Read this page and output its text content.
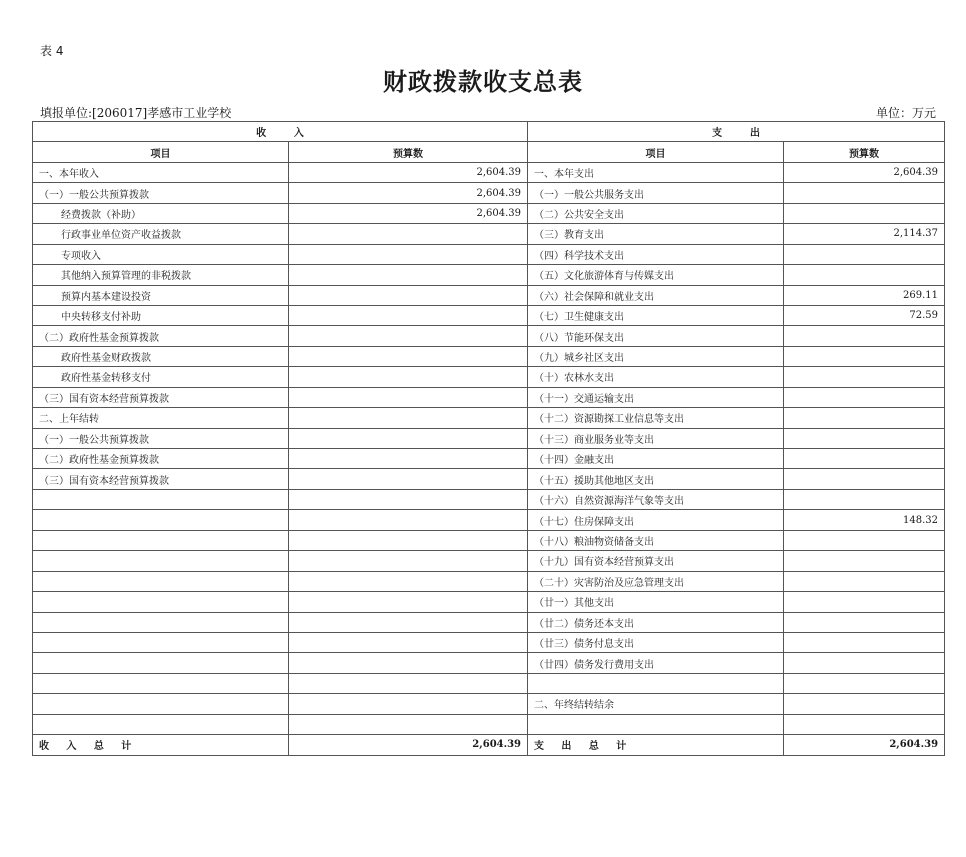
表 4
财政拨款收支总表
填报单位:[206017]孝感市工业学校	单位：万元
收        入		支        出	
项目	预算数	项目	预算数
一、本年收入	2,604.39	一、本年支出	2,604.39
（一）一般公共预算拨款	2,604.39	（一）一般公共服务支出	
经费拨款（补助）	2,604.39	（二）公共安全支出	
行政事业单位资产收益拨款		（三）教育支出	2,114.37
专项收入		（四）科学技术支出	
其他纳入预算管理的非税拨款		（五）文化旅游体育与传媒支出	
预算内基本建设投资		（六）社会保障和就业支出	269.11
中央转移支付补助		（七）卫生健康支出	72.59
（二）政府性基金预算拨款		（八）节能环保支出	
政府性基金财政拨款		（九）城乡社区支出	
政府性基金转移支付		（十）农林水支出	
（三）国有资本经营预算拨款		（十一）交通运输支出	
二、上年结转		（十二）资源勘探工业信息等支出	
（一）一般公共预算拨款		（十三）商业服务业等支出	
（二）政府性基金预算拨款		（十四）金融支出	
（三）国有资本经营预算拨款		（十五）援助其他地区支出	
		（十六）自然资源海洋气象等支出	
		（十七）住房保障支出	148.32
		（十八）粮油物资储备支出	
		（十九）国有资本经营预算支出	
		（二十）灾害防治及应急管理支出	
		（廿一）其他支出	
		（廿二）债务还本支出	
		（廿三）债务付息支出	
		（廿四）债务发行费用支出	

		二、年终结转结余	

收     入     总     计	2,604.39	支     出     总     计	2,604.39
